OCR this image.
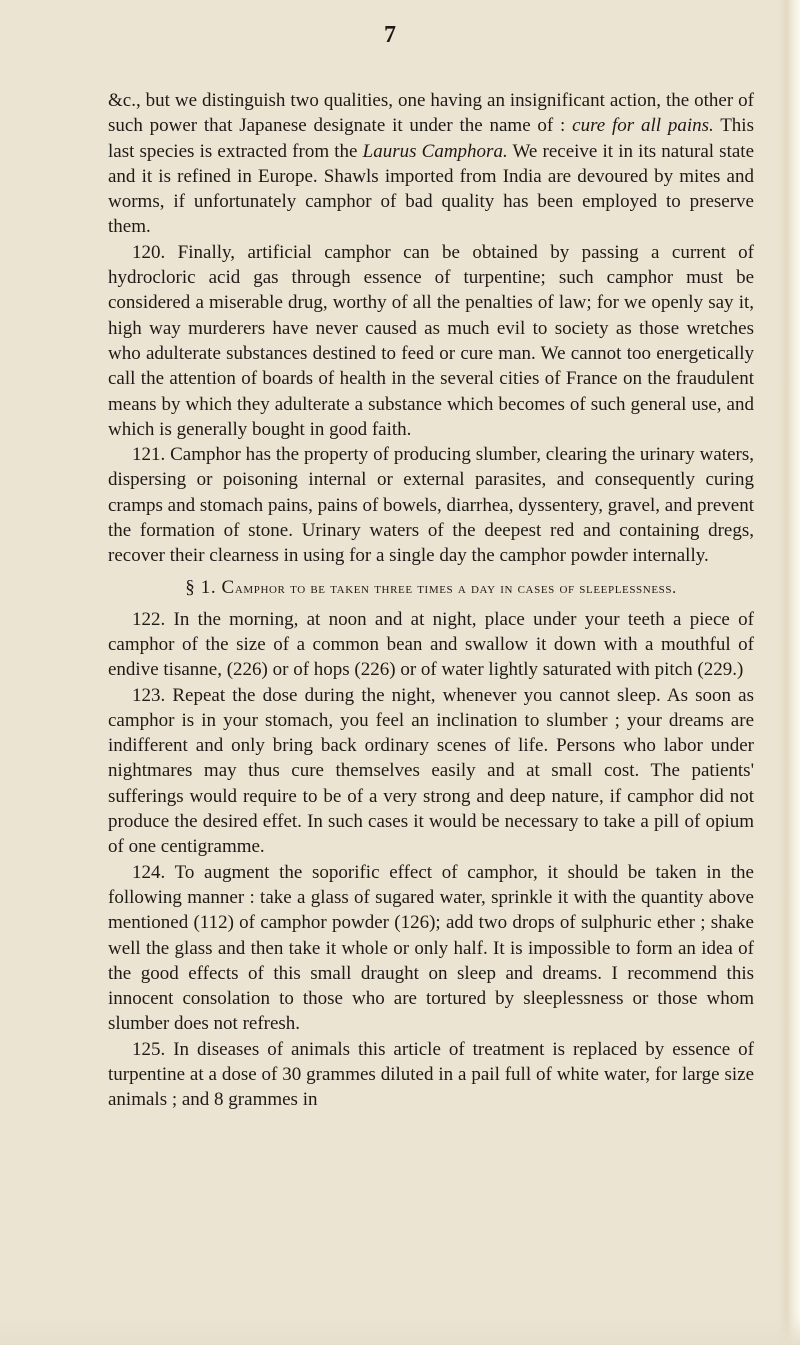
7

&c., but we distinguish two qualities, one having an insignificant action, the other of such power that Japanese designate it under the name of : cure for all pains. This last species is extracted from the Laurus Camphora. We receive it in its natural state and it is refined in Europe. Shawls imported from India are devoured by mites and worms, if unfortunately camphor of bad quality has been employed to preserve them.

120. Finally, artificial camphor can be obtained by passing a current of hydrocloric acid gas through essence of turpentine; such camphor must be considered a miserable drug, worthy of all the penalties of law; for we openly say it, high way murderers have never caused as much evil to society as those wretches who adulterate substances destined to feed or cure man. We cannot too energetically call the attention of boards of health in the several cities of France on the fraudulent means by which they adulterate a substance which becomes of such general use, and which is generally bought in good faith.

121. Camphor has the property of producing slumber, clearing the urinary waters, dispersing or poisoning internal or external parasites, and consequently curing cramps and stomach pains, pains of bowels, diarrhea, dyssentery, gravel, and prevent the formation of stone. Urinary waters of the deepest red and containing dregs, recover their clearness in using for a single day the camphor powder internally.

§ 1. Camphor to be taken three times a day in cases of sleeplessness.

122. In the morning, at noon and at night, place under your teeth a piece of camphor of the size of a common bean and swallow it down with a mouthful of endive tisanne, (226) or of hops (226) or of water lightly saturated with pitch (229.)

123. Repeat the dose during the night, whenever you cannot sleep. As soon as camphor is in your stomach, you feel an inclination to slumber ; your dreams are indifferent and only bring back ordinary scenes of life. Persons who labor under nightmares may thus cure themselves easily and at small cost. The patients' sufferings would require to be of a very strong and deep nature, if camphor did not produce the desired effet. In such cases it would be necessary to take a pill of opium of one centigramme.

124. To augment the soporific effect of camphor, it should be taken in the following manner : take a glass of sugared water, sprinkle it with the quantity above mentioned (112) of camphor powder (126); add two drops of sulphuric ether ; shake well the glass and then take it whole or only half. It is impossible to form an idea of the good effects of this small draught on sleep and dreams. I recommend this innocent consolation to those who are tortured by sleeplessness or those whom slumber does not refresh.

125. In diseases of animals this article of treatment is replaced by essence of turpentine at a dose of 30 grammes diluted in a pail full of white water, for large size animals ; and 8 grammes in
